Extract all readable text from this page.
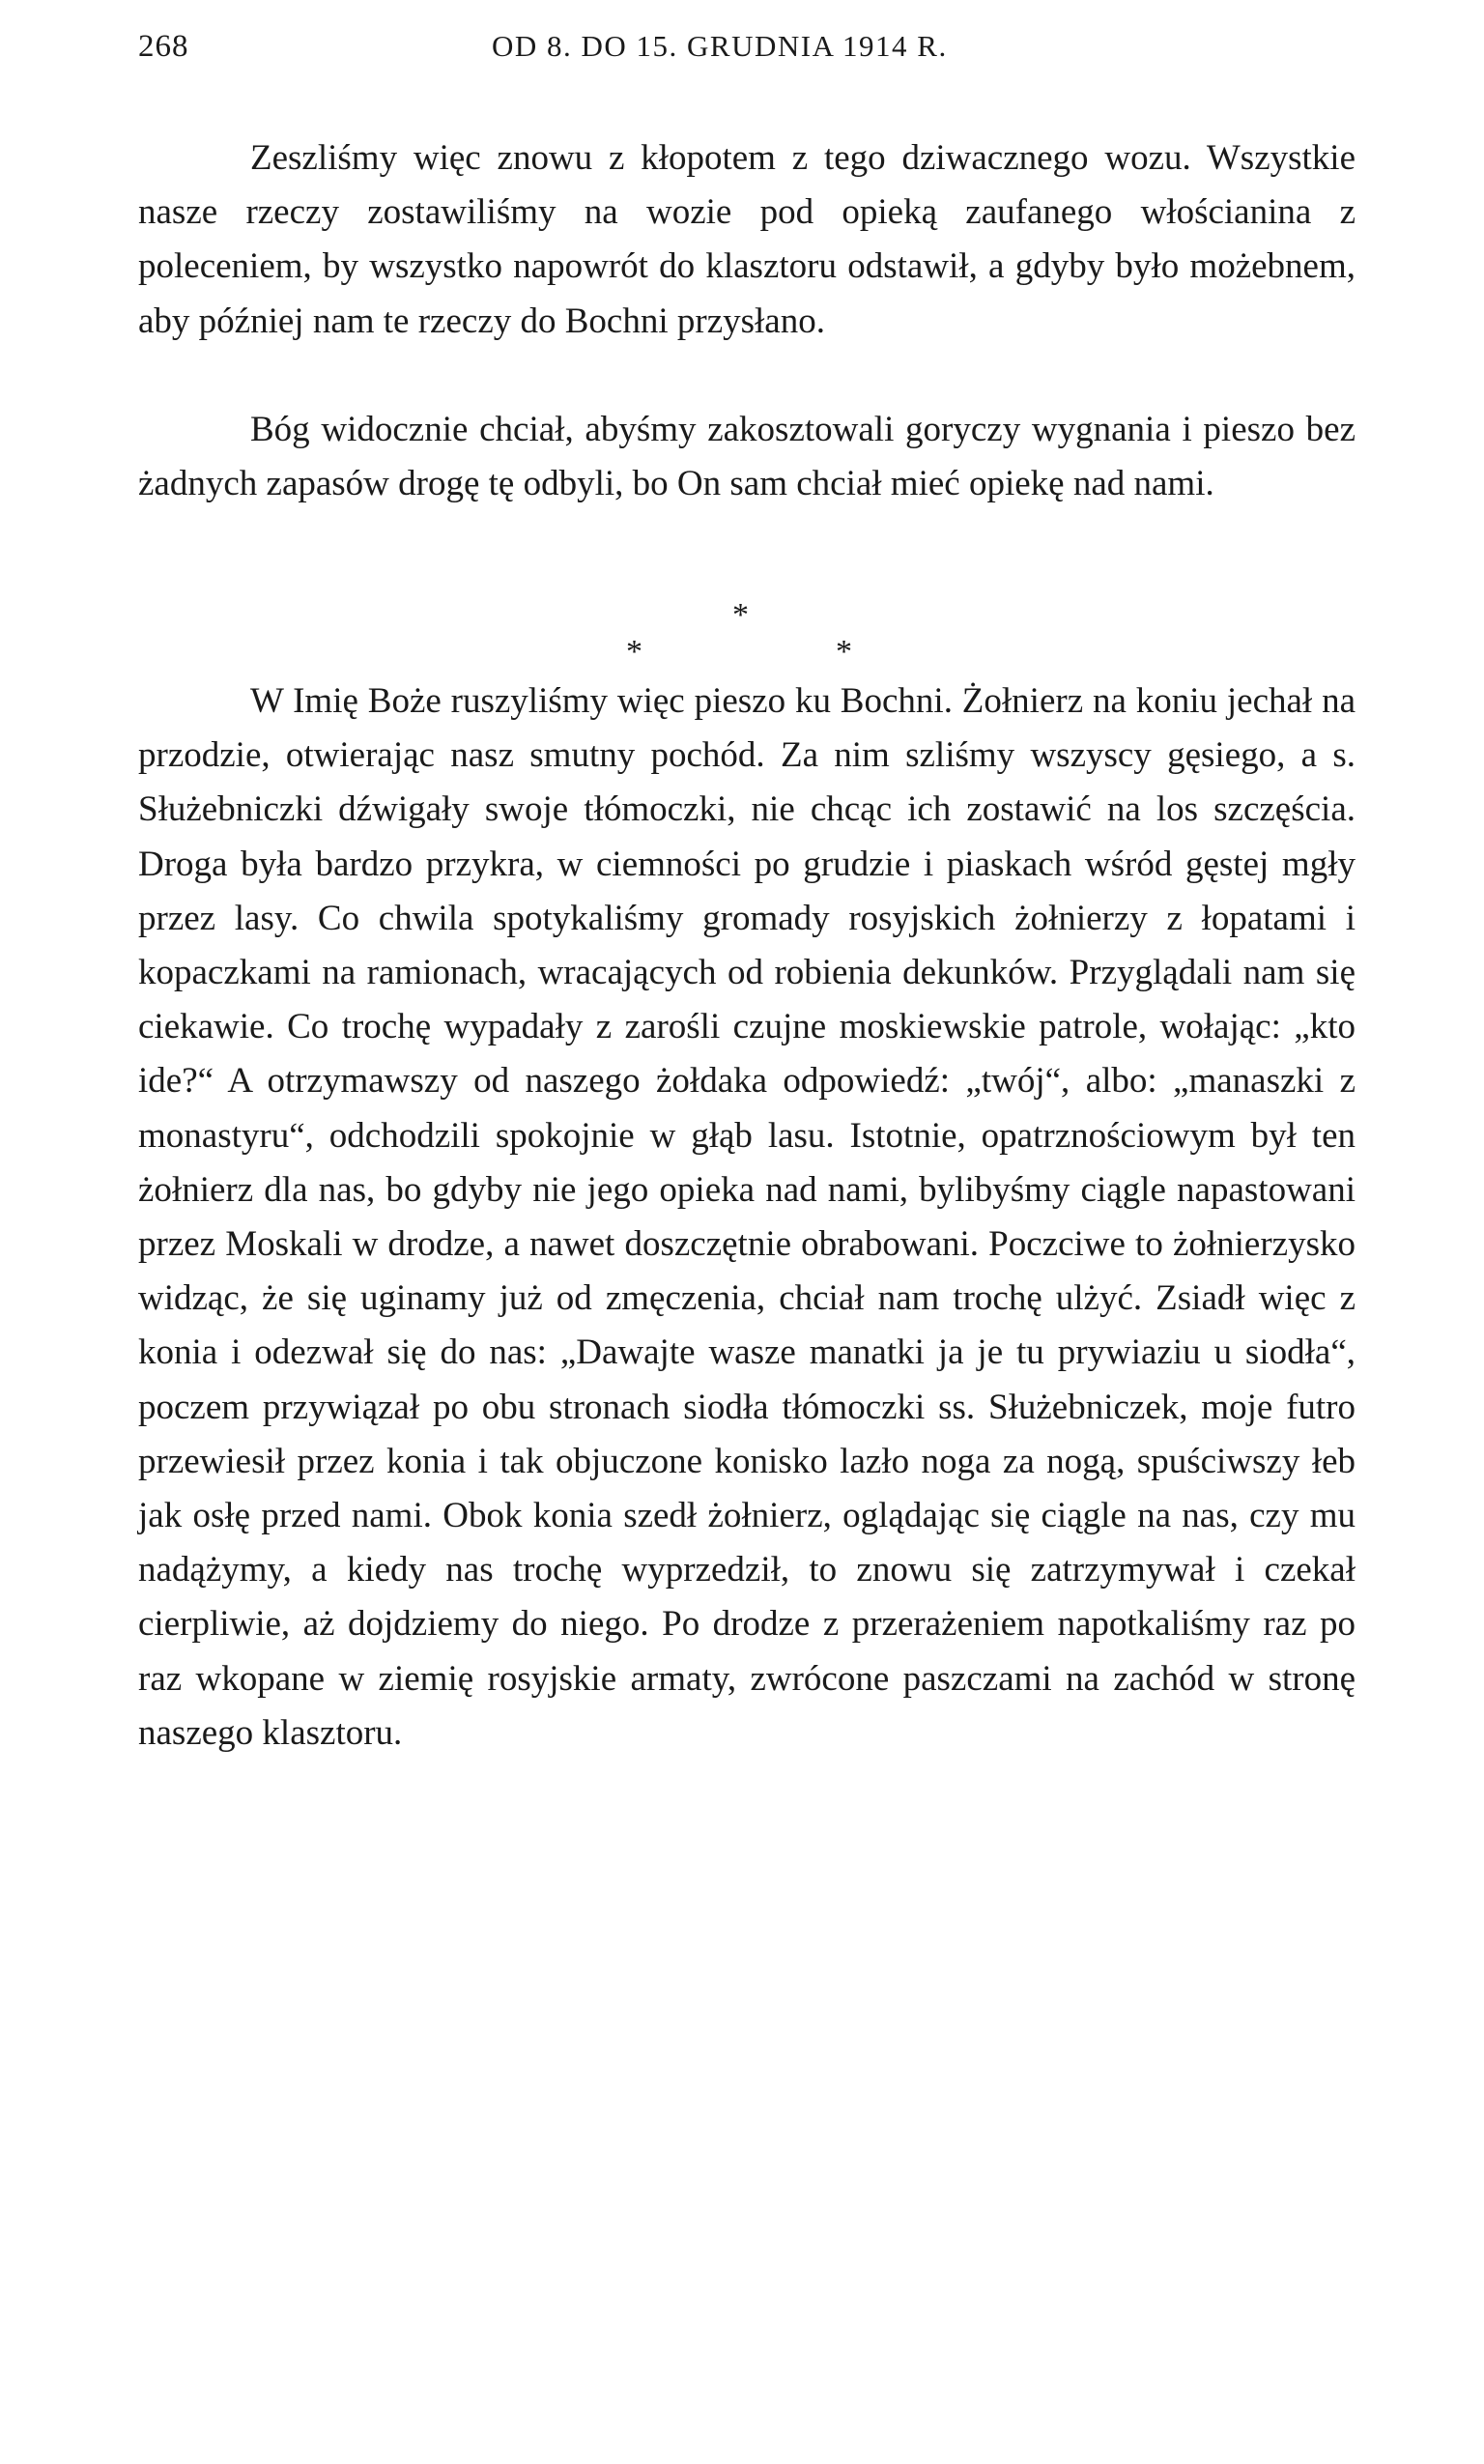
268	OD 8. DO 15. GRUDNIA 1914 R.

Zeszliśmy więc znowu z kłopotem z tego dziwacznego wozu. Wszystkie nasze rzeczy zostawiliśmy na wozie pod opieką zaufanego włościanina z poleceniem, by wszystko napowrót do klasztoru odstawił, a gdyby było możebnem, aby później nam te rzeczy do Bochni przysłano.

Bóg widocznie chciał, abyśmy zakosztowali goryczy wygnania i pieszo bez żadnych zapasów drogę tę odbyli, bo On sam chciał mieć opiekę nad nami.

*
*	*

W Imię Boże ruszyliśmy więc pieszo ku Bochni. Żołnierz na koniu jechał na przodzie, otwierając nasz smutny pochód. Za nim szliśmy wszyscy gęsiego, a s. Służebniczki dźwigały swoje tłómoczki, nie chcąc ich zostawić na los szczęścia. Droga była bardzo przykra, w ciemności po grudzie i piaskach wśród gęstej mgły przez lasy. Co chwila spotykaliśmy gromady rosyjskich żołnierzy z łopatami i kopaczkami na ramionach, wracających od robienia dekunków. Przyglądali nam się ciekawie. Co trochę wypadały z zarośli czujne moskiewskie patrole, wołając: „kto ide?“ A otrzymawszy od naszego żołdaka odpowiedź: „twój“, albo: „manaszki z monastyru“, odchodzili spokojnie w głąb lasu. Istotnie, opatrznościowym był ten żołnierz dla nas, bo gdyby nie jego opieka nad nami, bylibyśmy ciągle napastowani przez Moskali w drodze, a nawet doszczętnie obrabowani. Poczciwe to żołnierzysko widząc, że się uginamy już od zmęczenia, chciał nam trochę ulżyć. Zsiadł więc z konia i odezwał się do nas: „Dawajte wasze manatki ja je tu prywiaziu u siodła“, poczem przywiązał po obu stronach siodła tłómoczki ss. Służebniczek, moje futro przewiesił przez konia i tak objuczone konisko lazło noga za nogą, spuściwszy łeb jak osłę przed nami. Obok konia szedł żołnierz, oglądając się ciągle na nas, czy mu nadążymy, a kiedy nas trochę wyprzedził, to znowu się zatrzymywał i czekał cierpliwie, aż dojdziemy do niego. Po drodze z przerażeniem napotkaliśmy raz po raz wkopane w ziemię rosyjskie armaty, zwrócone paszczami na zachód w stronę naszego klasztoru.
